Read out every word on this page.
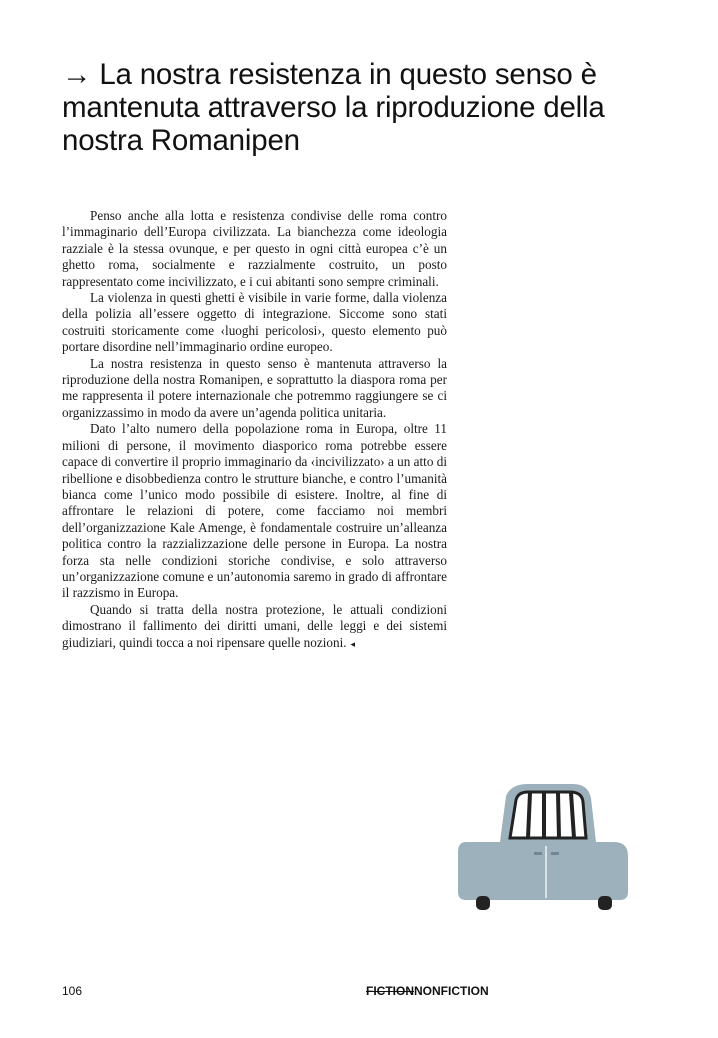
→ La nostra resistenza in questo senso è mantenuta attraverso la riproduzione della nostra Romanipen

Penso anche alla lotta e resistenza condivise delle roma contro l’immaginario dell’Europa civilizzata. La bianchezza come ideologia razziale è la stessa ovunque, e per questo in ogni città europea c’è un ghetto roma, socialmente e razzialmente costruito, un posto rappresentato come incivilizzato, e i cui abitanti sono sempre criminali.

La violenza in questi ghetti è visibile in varie forme, dalla violenza della polizia all’essere oggetto di integrazione. Siccome sono stati costruiti storicamente come ‹luoghi pericolosi›, questo elemento può portare disordine nell’immaginario ordine europeo.

La nostra resistenza in questo senso è mantenuta attraverso la riproduzione della nostra Romanipen, e soprattutto la diaspora roma per me rappresenta il potere internazionale che potremmo raggiungere se ci organizzassimo in modo da avere un’agenda politica unitaria.

Dato l’alto numero della popolazione roma in Europa, oltre 11 milioni di persone, il movimento diasporico roma potrebbe essere capace di convertire il proprio immaginario da ‹incivilizzato› a un atto di ribellione e disobbedienza contro le strutture bianche, e contro l’umanità bianca come l’unico modo possibile di esistere. Inoltre, al fine di affrontare le relazioni di potere, come facciamo noi membri dell’organizzazione Kale Amenge, è fondamentale costruire un’alleanza politica contro la razzializzazione delle persone in Europa. La nostra forza sta nelle condizioni storiche condivise, e solo attraverso un’organizzazione comune e un’autonomia saremo in grado di affrontare il razzismo in Europa.

Quando si tratta della nostra protezione, le attuali condizioni dimostrano il fallimento dei diritti umani, delle leggi e dei sistemi giudiziari, quindi tocca a noi ripensare quelle nozioni. ◂

106	FICTIONNONFICTION
